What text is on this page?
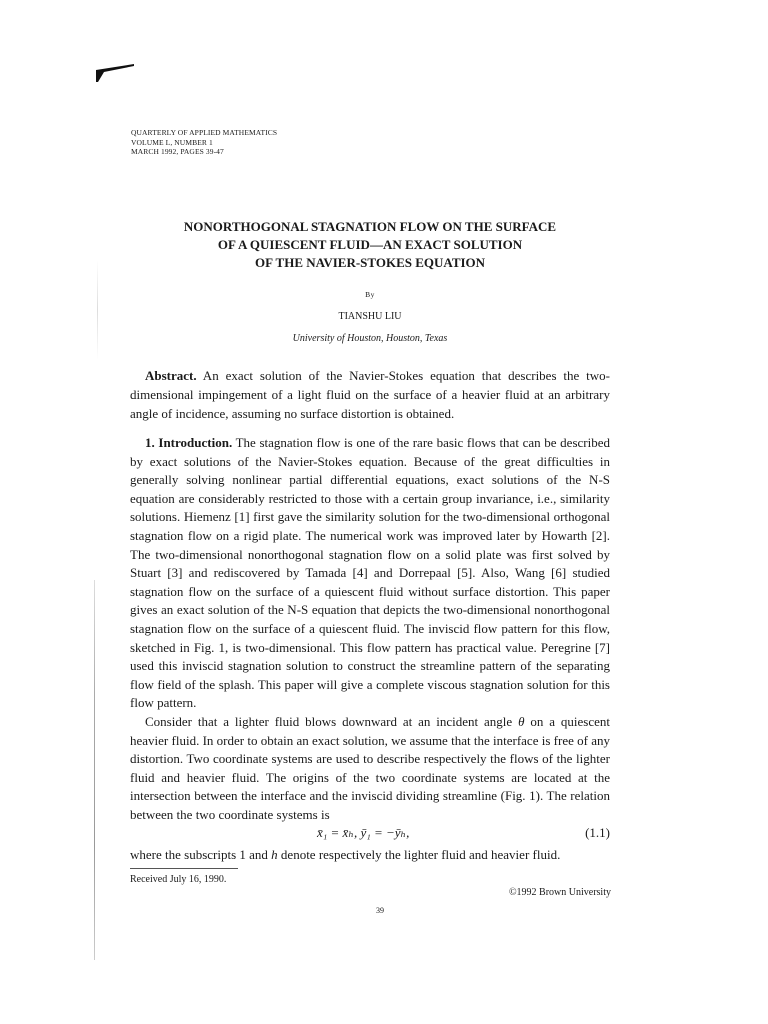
QUARTERLY OF APPLIED MATHEMATICS
VOLUME L, NUMBER 1
MARCH 1992, PAGES 39-47
NONORTHOGONAL STAGNATION FLOW ON THE SURFACE
OF A QUIESCENT FLUID—AN EXACT SOLUTION
OF THE NAVIER-STOKES EQUATION
By
TIANSHU LIU
University of Houston, Houston, Texas

Abstract. An exact solution of the Navier-Stokes equation that describes the two-dimensional impingement of a light fluid on the surface of a heavier fluid at an arbitrary angle of incidence, assuming no surface distortion is obtained.

1. Introduction. The stagnation flow is one of the rare basic flows that can be described by exact solutions of the Navier-Stokes equation. Because of the great difficulties in generally solving nonlinear partial differential equations, exact solutions of the N-S equation are considerably restricted to those with a certain group invariance, i.e., similarity solutions. Hiemenz [1] first gave the similarity solution for the two-dimensional orthogonal stagnation flow on a rigid plate. The numerical work was improved later by Howarth [2]. The two-dimensional nonorthogonal stagnation flow on a solid plate was first solved by Stuart [3] and rediscovered by Tamada [4] and Dorrepaal [5]. Also, Wang [6] studied stagnation flow on the surface of a quiescent fluid without surface distortion. This paper gives an exact solution of the N-S equation that depicts the two-dimensional nonorthogonal stagnation flow on the surface of a quiescent fluid. The inviscid flow pattern for this flow, sketched in Fig. 1, is two-dimensional. This flow pattern has practical value. Peregrine [7] used this inviscid stagnation solution to construct the streamline pattern of the separating flow field of the splash. This paper will give a complete viscous stagnation solution for this flow pattern.

Consider that a lighter fluid blows downward at an incident angle θ on a quiescent heavier fluid. In order to obtain an exact solution, we assume that the interface is free of any distortion. Two coordinate systems are used to describe respectively the flows of the lighter fluid and heavier fluid. The origins of the two coordinate systems are located at the intersection between the interface and the inviscid dividing streamline (Fig. 1). The relation between the two coordinate systems is

x̄₁ = x̄ₕ, ȳ₁ = −ȳₕ,	(1.1)

where the subscripts 1 and h denote respectively the lighter fluid and heavier fluid.

Received July 16, 1990.
©1992 Brown University
39
